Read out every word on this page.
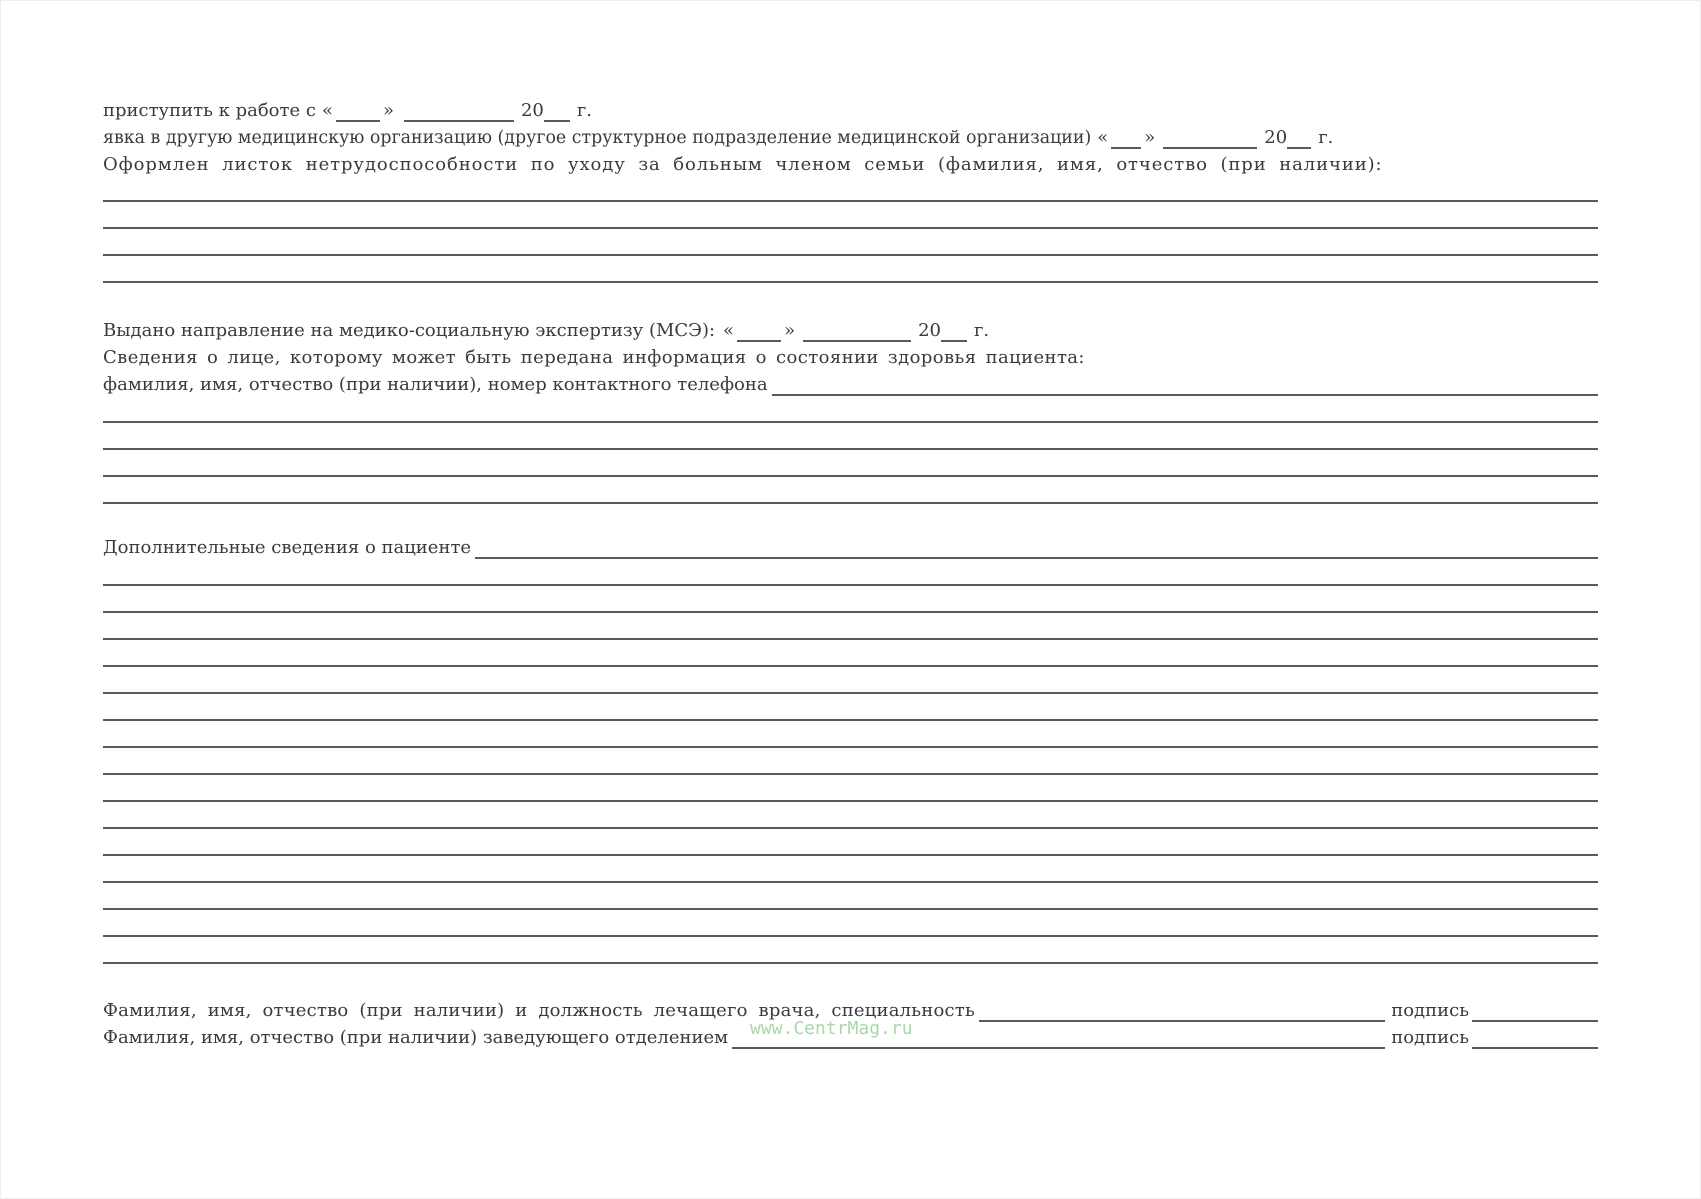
приступить к работе с «	»	20 г.
явка в другую медицинскую организацию (другое структурное подразделение медицинской организации) « »	20 г.
Оформлен листок нетрудоспособности по уходу за больным членом семьи (фамилия, имя, отчество (при наличии):
Выдано направление на медико-социальную экспертизу (МСЭ): «	»	20 г.
Сведения о лице, которому может быть передана информация о состоянии здоровья пациента:
фамилия, имя, отчество (при наличии), номер контактного телефона
Дополнительные сведения о пациенте
Фамилия, имя, отчество (при наличии) и должность лечащего врача, специальность	подпись
Фамилия, имя, отчество (при наличии) заведующего отделением	подпись
www.CentrMag.ru
